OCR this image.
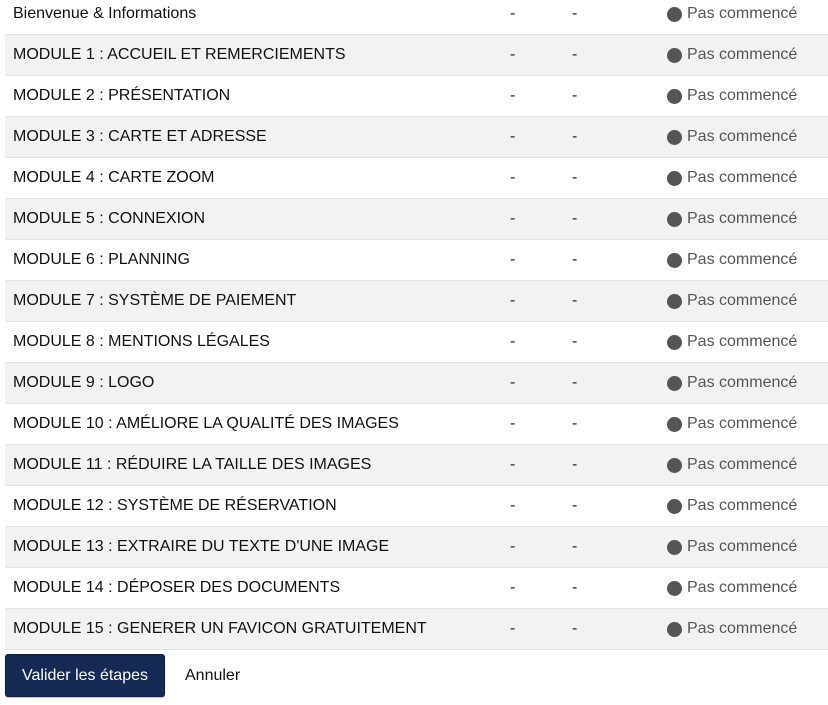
Bienvenue & Informations	-	-	Pas commencé
MODULE 1 : ACCUEIL ET REMERCIEMENTS	-	-	Pas commencé
MODULE 2 : PRÉSENTATION	-	-	Pas commencé
MODULE 3 : CARTE ET ADRESSE	-	-	Pas commencé
MODULE 4 : CARTE ZOOM	-	-	Pas commencé
MODULE 5 : CONNEXION	-	-	Pas commencé
MODULE 6 : PLANNING	-	-	Pas commencé
MODULE 7 : SYSTÈME DE PAIEMENT	-	-	Pas commencé
MODULE 8 : MENTIONS LÉGALES	-	-	Pas commencé
MODULE 9 : LOGO	-	-	Pas commencé
MODULE 10 : AMÉLIORE LA QUALITÉ DES IMAGES	-	-	Pas commencé
MODULE 11 : RÉDUIRE LA TAILLE DES IMAGES	-	-	Pas commencé
MODULE 12 : SYSTÈME DE RÉSERVATION	-	-	Pas commencé
MODULE 13 : EXTRAIRE DU TEXTE D'UNE IMAGE	-	-	Pas commencé
MODULE 14 : DÉPOSER DES DOCUMENTS	-	-	Pas commencé
MODULE 15 : GENERER UN FAVICON GRATUITEMENT	-	-	Pas commencé
Valider les étapes	Annuler
